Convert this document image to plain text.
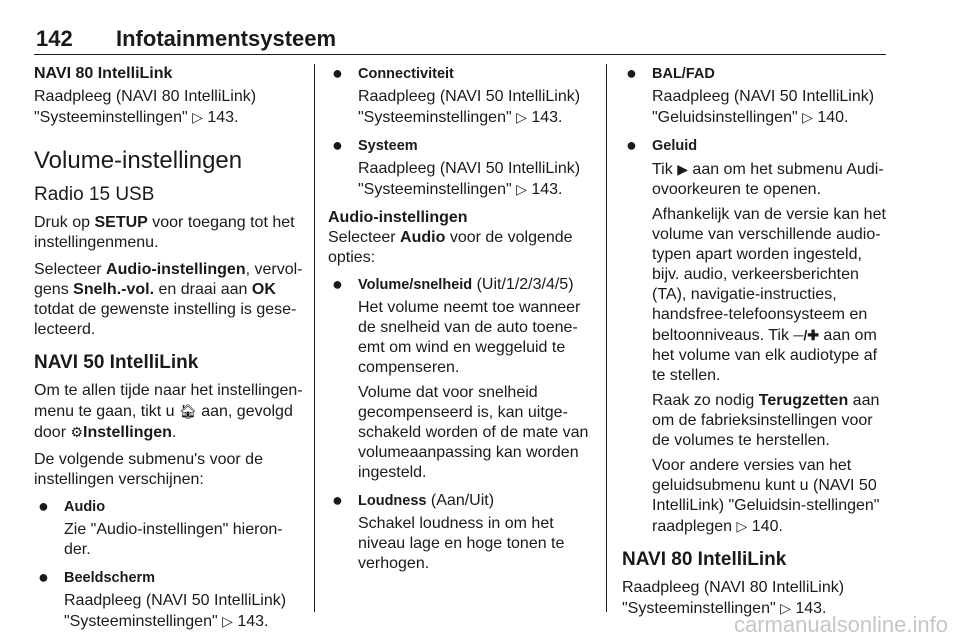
142 Infotainmentsysteem
NAVI 80 IntelliLink

Raadpleeg (NAVI 80 IntelliLink) "Systeeminstellingen" ▷ 143.

Volume-instellingen
Radio 15 USB

Druk op SETUP voor toegang tot het instellingenmenu.

Selecteer Audio-instellingen, vervol-gens Snelh.-vol. en draai aan OK totdat de gewenste instelling is gese-lecteerd.

NAVI 50 IntelliLink

Om te allen tijde naar het instellingen-menu te gaan, tikt u 🏠︎ aan, gevolgd door ⚙Instellingen.

De volgende submenu's voor de instellingen verschijnen:

● Audio

Zie "Audio-instellingen" hieron-der.

● Beeldscherm

Raadpleeg (NAVI 50 IntelliLink) "Systeeminstellingen" ▷ 143.

● Connectiviteit

Raadpleeg (NAVI 50 IntelliLink) "Systeeminstellingen" ▷ 143.

● Systeem

Raadpleeg (NAVI 50 IntelliLink) "Systeeminstellingen" ▷ 143.

Audio-instellingen

Selecteer Audio voor de volgende opties:

● Volume/snelheid (Uit/1/2/3/4/5)

Het volume neemt toe wanneer de snelheid van de auto toene-emt om wind en weggeluid te compenseren.

Volume dat voor snelheid gecompenseerd is, kan uitge-schakeld worden of de mate van volumeaanpassing kan worden ingesteld.

● Loudness (Aan/Uit)

Schakel loudness in om het niveau lage en hoge tonen te verhogen.

● BAL/FAD

Raadpleeg (NAVI 50 IntelliLink) "Geluidsinstellingen" ▷ 140.

● Geluid

Tik ▶ aan om het submenu Audi-ovoorkeuren te openen.

Afhankelijk van de versie kan het volume van verschillende audio-typen apart worden ingesteld, bijv. audio, verkeersberichten (TA), navigatie-instructies, handsfree-telefoonsysteem en beltoonniveaus. Tik ─/✚ aan om het volume van elk audiotype af te stellen.

Raak zo nodig Terugzetten aan om de fabrieksinstellingen voor de volumes te herstellen.

Voor andere versies van het geluidsubmenu kunt u (NAVI 50 IntelliLink) "Geluidsin-stellingen" raadplegen ▷ 140.

NAVI 80 IntelliLink

Raadpleeg (NAVI 80 IntelliLink) "Systeeminstellingen" ▷ 143.

carmanualsonline.info
